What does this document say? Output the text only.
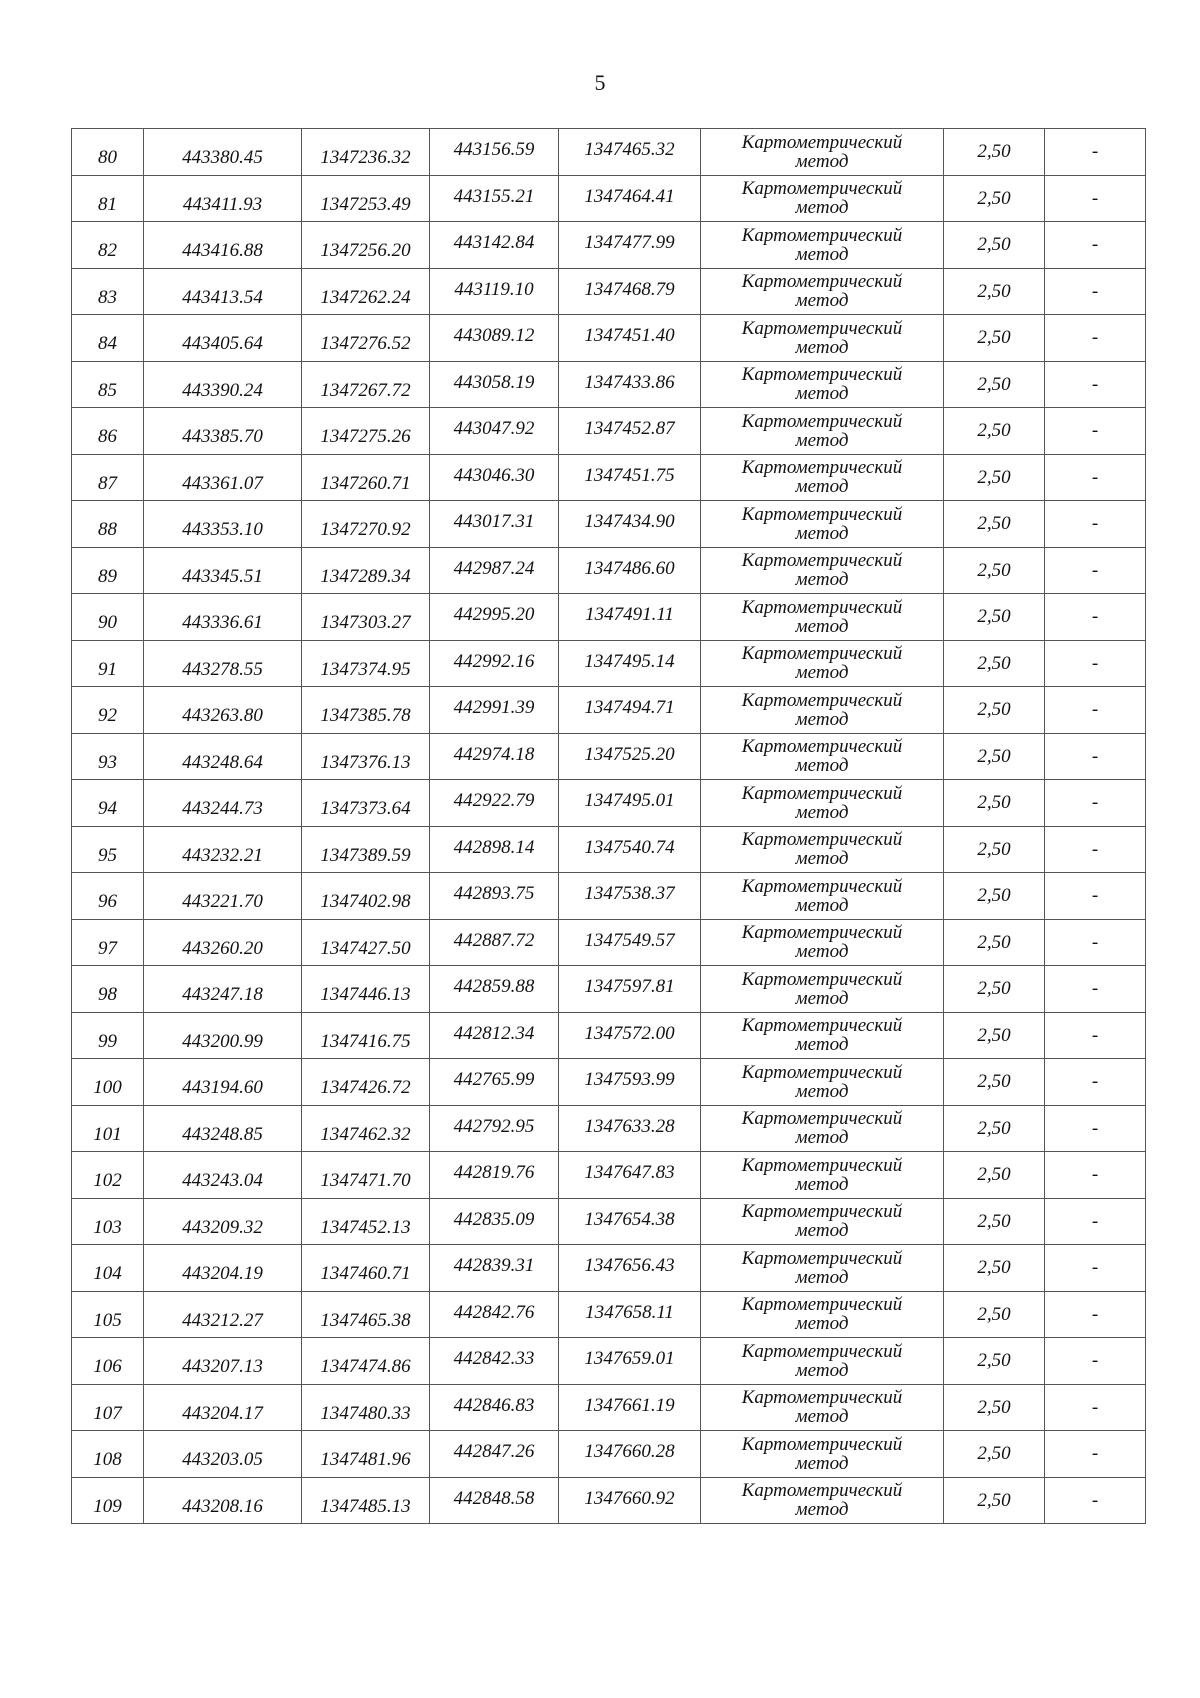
5
80	443380.45	1347236.32	443156.59	1347465.32	Картометрический
метод	2,50	-
81	443411.93	1347253.49	443155.21	1347464.41	Картометрический
метод	2,50	-
82	443416.88	1347256.20	443142.84	1347477.99	Картометрический
метод	2,50	-
83	443413.54	1347262.24	443119.10	1347468.79	Картометрический
метод	2,50	-
84	443405.64	1347276.52	443089.12	1347451.40	Картометрический
метод	2,50	-
85	443390.24	1347267.72	443058.19	1347433.86	Картометрический
метод	2,50	-
86	443385.70	1347275.26	443047.92	1347452.87	Картометрический
метод	2,50	-
87	443361.07	1347260.71	443046.30	1347451.75	Картометрический
метод	2,50	-
88	443353.10	1347270.92	443017.31	1347434.90	Картометрический
метод	2,50	-
89	443345.51	1347289.34	442987.24	1347486.60	Картометрический
метод	2,50	-
90	443336.61	1347303.27	442995.20	1347491.11	Картометрический
метод	2,50	-
91	443278.55	1347374.95	442992.16	1347495.14	Картометрический
метод	2,50	-
92	443263.80	1347385.78	442991.39	1347494.71	Картометрический
метод	2,50	-
93	443248.64	1347376.13	442974.18	1347525.20	Картометрический
метод	2,50	-
94	443244.73	1347373.64	442922.79	1347495.01	Картометрический
метод	2,50	-
95	443232.21	1347389.59	442898.14	1347540.74	Картометрический
метод	2,50	-
96	443221.70	1347402.98	442893.75	1347538.37	Картометрический
метод	2,50	-
97	443260.20	1347427.50	442887.72	1347549.57	Картометрический
метод	2,50	-
98	443247.18	1347446.13	442859.88	1347597.81	Картометрический
метод	2,50	-
99	443200.99	1347416.75	442812.34	1347572.00	Картометрический
метод	2,50	-
100	443194.60	1347426.72	442765.99	1347593.99	Картометрический
метод	2,50	-
101	443248.85	1347462.32	442792.95	1347633.28	Картометрический
метод	2,50	-
102	443243.04	1347471.70	442819.76	1347647.83	Картометрический
метод	2,50	-
103	443209.32	1347452.13	442835.09	1347654.38	Картометрический
метод	2,50	-
104	443204.19	1347460.71	442839.31	1347656.43	Картометрический
метод	2,50	-
105	443212.27	1347465.38	442842.76	1347658.11	Картометрический
метод	2,50	-
106	443207.13	1347474.86	442842.33	1347659.01	Картометрический
метод	2,50	-
107	443204.17	1347480.33	442846.83	1347661.19	Картометрический
метод	2,50	-
108	443203.05	1347481.96	442847.26	1347660.28	Картометрический
метод	2,50	-
109	443208.16	1347485.13	442848.58	1347660.92	Картометрический
метод	2,50	-
